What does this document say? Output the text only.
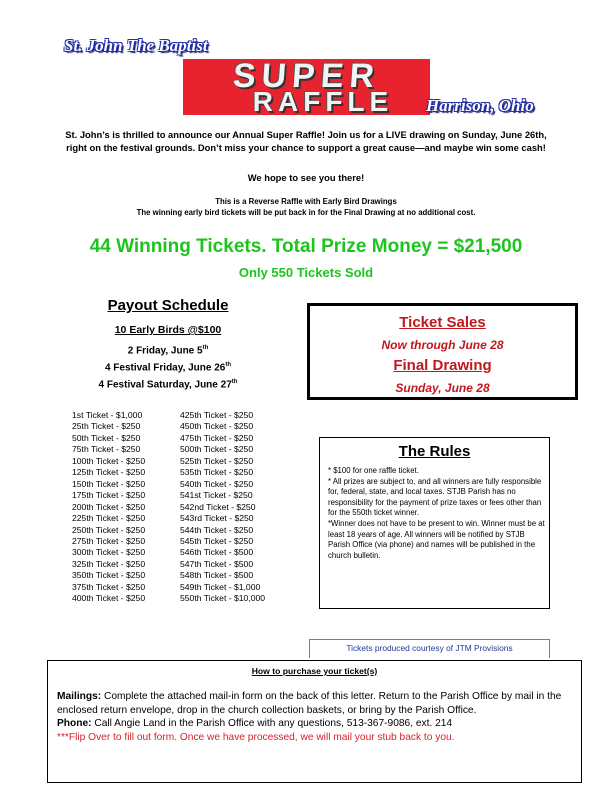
SUPER
RAFFLE
St. John The Baptist
Harrison, Ohio
St. John’s is thrilled to announce our Annual Super Raffle! Join us for a LIVE drawing on Sunday, June 26th,
right on the festival grounds. Don’t miss your chance to support a great cause—and maybe win some cash!
We hope to see you there!
This is a Reverse Raffle with Early Bird Drawings
The winning early bird tickets will be put back in for the Final Drawing at no additional cost.
44 Winning Tickets. Total Prize Money = $21,500
Only 550 Tickets Sold
Payout Schedule
10 Early Birds @$100
2 Friday, June 5th
4 Festival Friday, June 26th
4 Festival Saturday, June 27th
1st Ticket - $1,000	425th Ticket - $250
25th Ticket - $250	450th Ticket - $250
50th Ticket - $250	475th Ticket - $250
75th Ticket - $250	500th Ticket - $250
100th Ticket - $250	525th Ticket - $250
125th Ticket - $250	535th Ticket - $250
150th Ticket - $250	540th Ticket - $250
175th Ticket - $250	541st Ticket - $250
200th Ticket - $250	542nd Ticket - $250
225th Ticket - $250	543rd Ticket - $250
250th Ticket - $250	544th Ticket - $250
275th Ticket - $250	545th Ticket - $250
300th Ticket - $250	546th Ticket - $500
325th Ticket - $250	547th Ticket - $500
350th Ticket - $250	548th Ticket - $500
375th Ticket - $250	549th Ticket - $1,000
400th Ticket - $250	550th Ticket - $10,000
Ticket Sales
Now through June 28
Final Drawing
Sunday, June 28
The Rules
* $100 for one raffle ticket.
* All prizes are subject to, and all winners are fully responsible for, federal, state, and local taxes. STJB Parish has no responsibility for the payment of prize taxes or fees other than for the 550th ticket winner.
*Winner does not have to be present to win. Winner must be at least 18 years of age. All winners will be notified by STJB Parish Office (via phone) and names will be published in the church bulletin.
Tickets produced courtesy of JTM Provisions
How to purchase your ticket(s)
Mailings: Complete the attached mail-in form on the back of this letter. Return to the Parish Office by mail in the enclosed return envelope, drop in the church collection baskets, or bring by the Parish Office.
Phone: Call Angie Land in the Parish Office with any questions, 513-367-9086, ext. 214
***Flip Over to fill out form. Once we have processed, we will mail your stub back to you.
